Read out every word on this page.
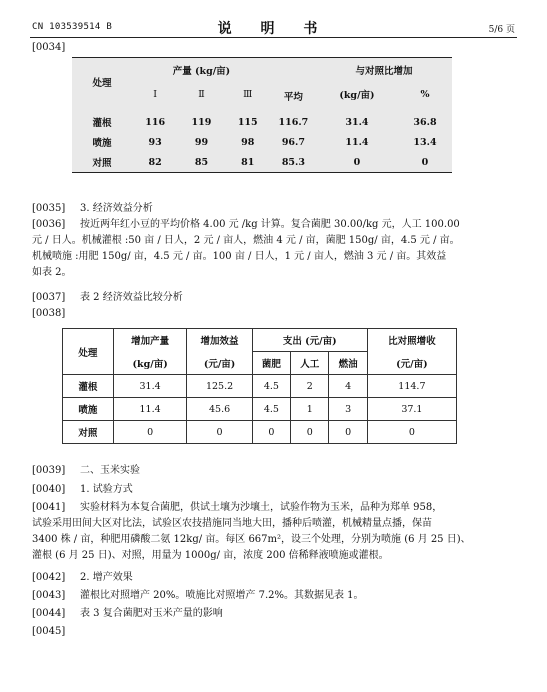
CN 103539514 B	说 明 书	5/6 页
[0034]
处理	产量 (kg/亩)			平均	与对照比增加	
	Ⅰ	Ⅱ	Ⅲ		(kg/亩)	%

灌根	116	119	115	116.7	31.4	36.8
喷施	93	99	98	96.7	11.4	13.4
对照	82	85	81	85.3	0	0
[0035] 3. 经济效益分析
[0036] 按近两年红小豆的平均价格 4.00 元 /kg 计算。复合菌肥 30.00/kg 元，人工 100.00
元 / 日人。机械灌根 :50 亩 / 日人，2 元 / 亩人，燃油 4 元 / 亩，菌肥 150g/ 亩，4.5 元 / 亩。
机械喷施 :用肥 150g/ 亩，4.5 元 / 亩。100 亩 / 日人，1 元 / 亩人，燃油 3 元 / 亩。其效益
如表 2。
[0037] 表 2 经济效益比较分析
[0038]
处理	增加产量	增加效益	支出 (元/亩)			比对照增收
	(kg/亩)	(元/亩)	菌肥	人工	燃油	(元/亩)
灌根	31.4	125.2	4.5	2	4	114.7
喷施	11.4	45.6	4.5	1	3	37.1
对照	0	0	0	0	0	0
[0039] 二、玉米实验
[0040] 1. 试验方式
[0041] 实验材料为本复合菌肥，供试土壤为沙壤土，试验作物为玉米，品种为郑单 958，
试验采用田间大区对比法，试验区农技措施同当地大田，播种后喷灌，机械精量点播，保苗
3400 株 / 亩，种肥用磷酸二氨 12kg/ 亩。每区 667m²，设三个处理，分别为喷施 (6 月 25 日)、
灌根 (6 月 25 日)、对照，用量为 1000g/ 亩，浓度 200 倍稀释液喷施或灌根。
[0042] 2. 增产效果
[0043] 灌根比对照增产 20%。喷施比对照增产 7.2%。其数据见表 1。
[0044] 表 3 复合菌肥对玉米产量的影响
[0045]
